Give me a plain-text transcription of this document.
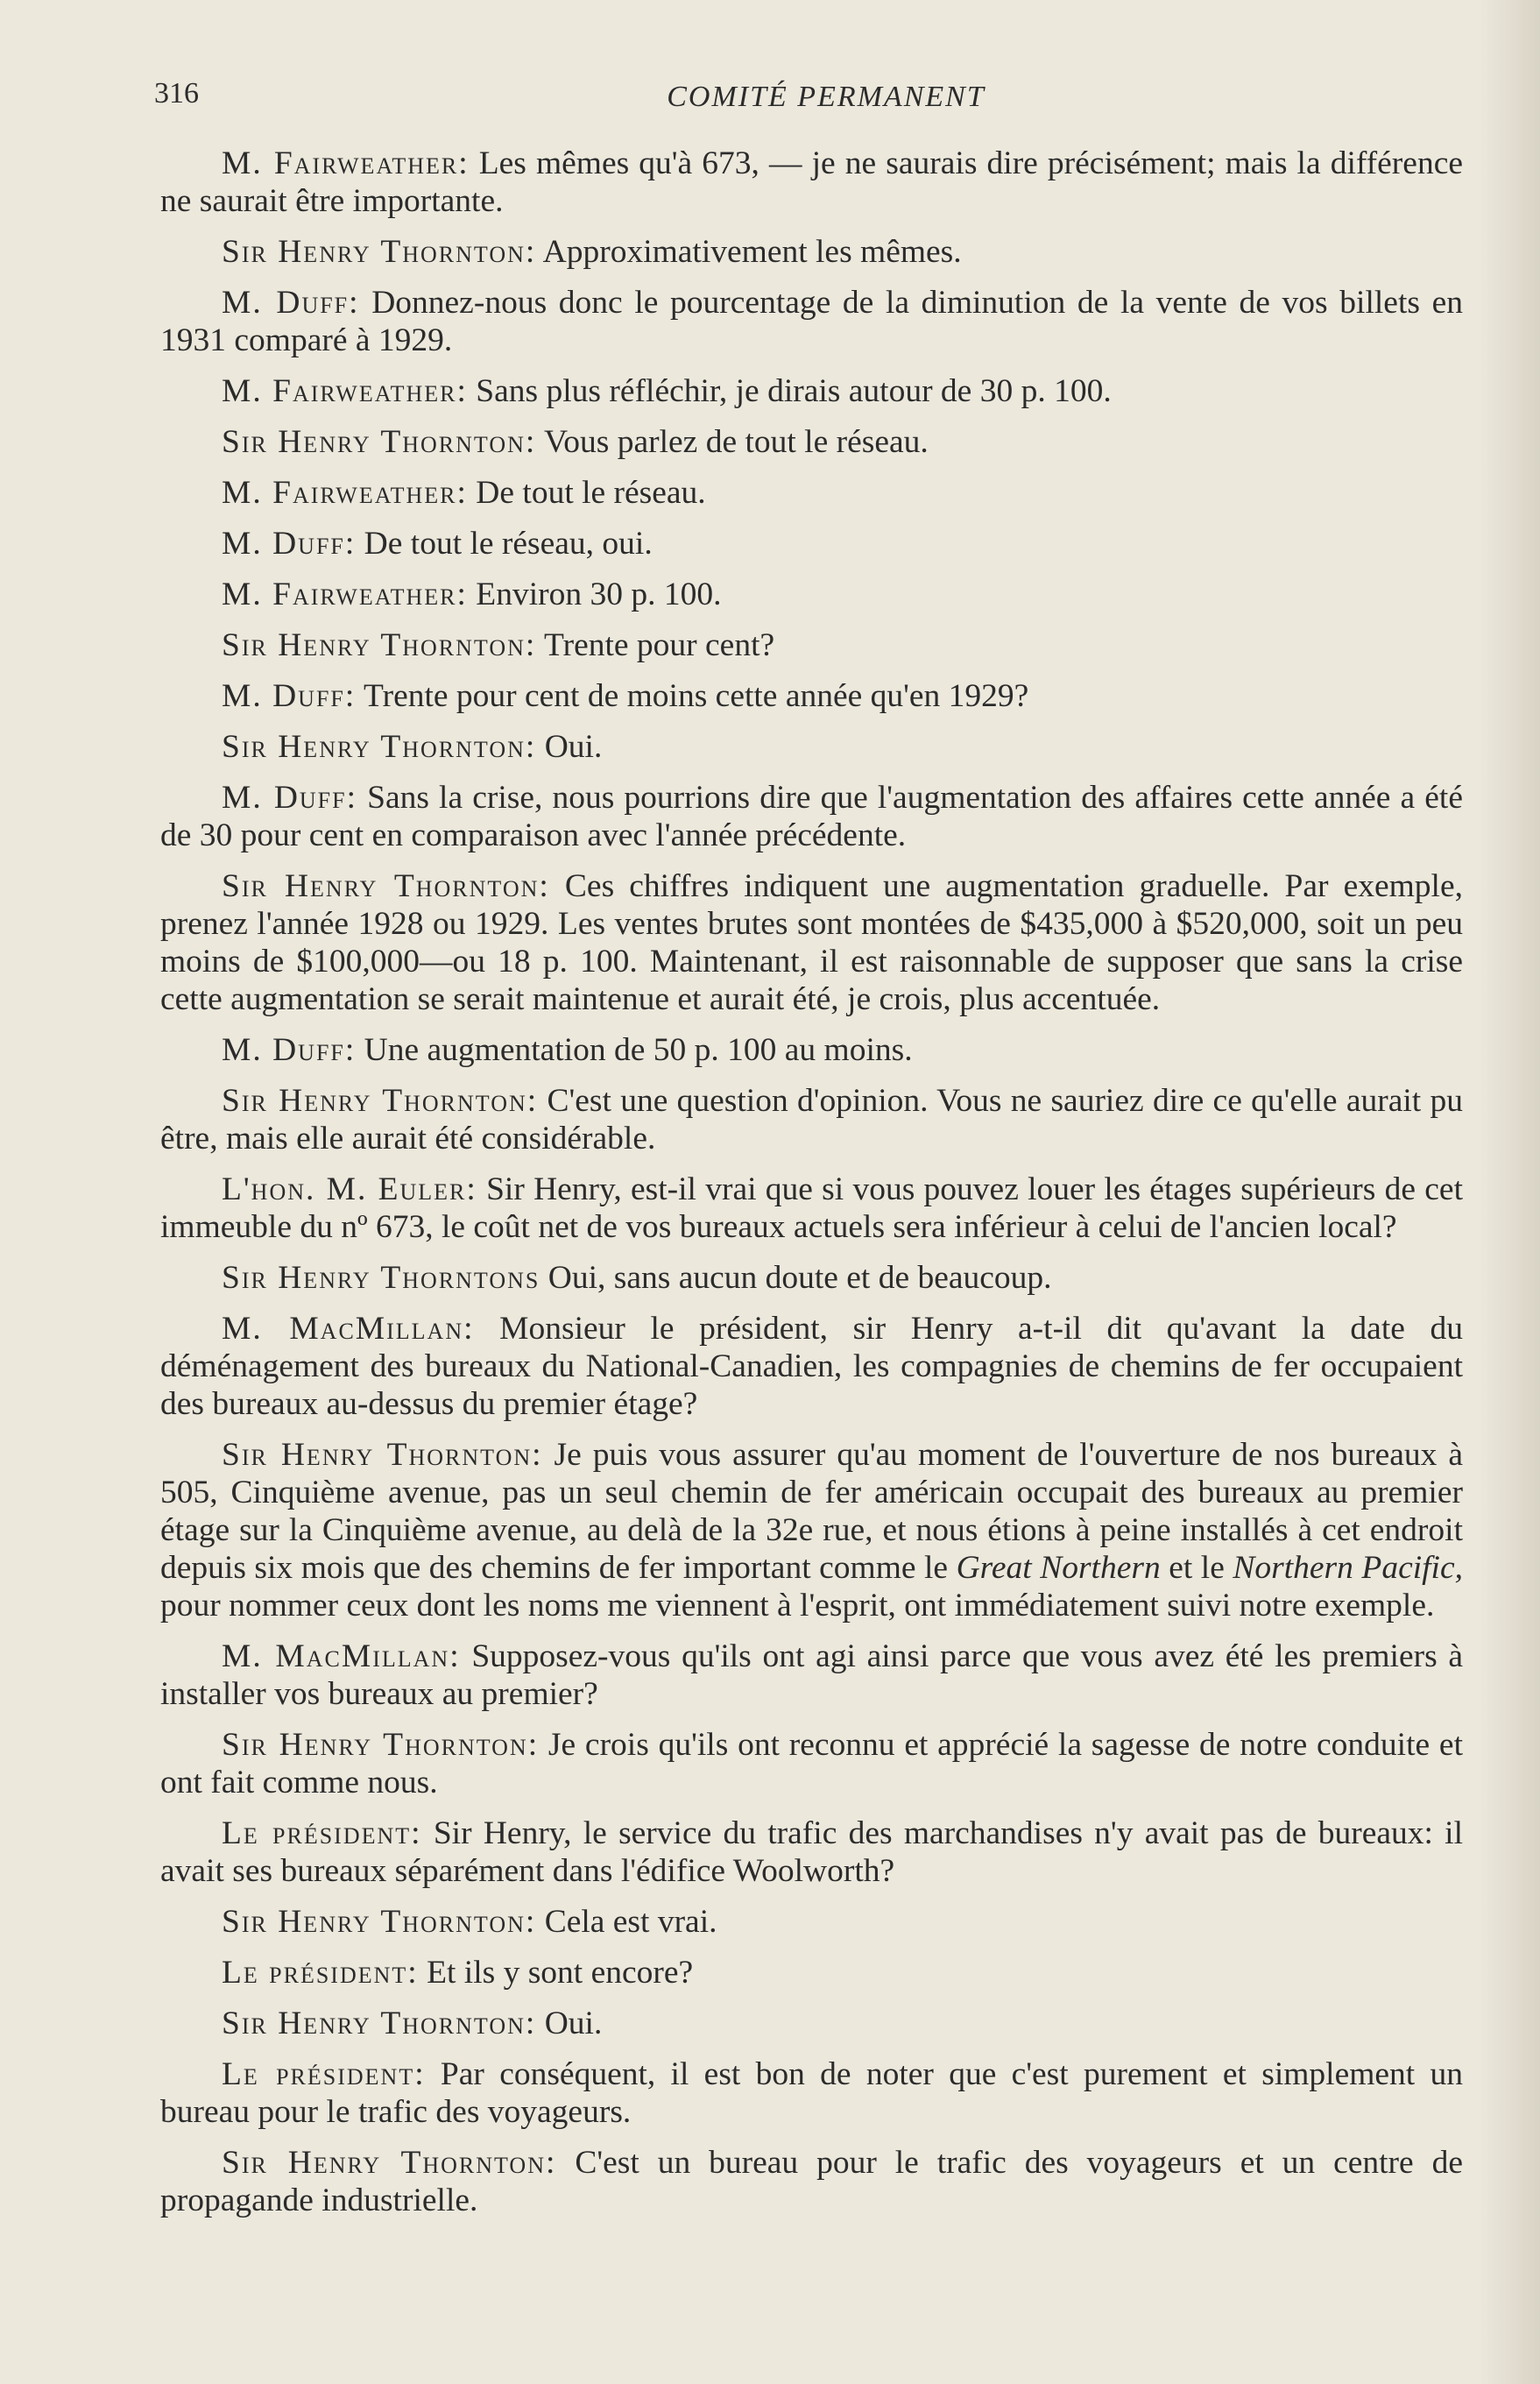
316	COMITÉ PERMANENT

M. Fairweather: Les mêmes qu'à 673, — je ne saurais dire précisément; mais la différence ne saurait être importante.

Sir Henry Thornton: Approximativement les mêmes.

M. Duff: Donnez-nous donc le pourcentage de la diminution de la vente de vos billets en 1931 comparé à 1929.

M. Fairweather: Sans plus réfléchir, je dirais autour de 30 p. 100.

Sir Henry Thornton: Vous parlez de tout le réseau.

M. Fairweather: De tout le réseau.

M. Duff: De tout le réseau, oui.

M. Fairweather: Environ 30 p. 100.

Sir Henry Thornton: Trente pour cent?

M. Duff: Trente pour cent de moins cette année qu'en 1929?

Sir Henry Thornton: Oui.

M. Duff: Sans la crise, nous pourrions dire que l'augmentation des affaires cette année a été de 30 pour cent en comparaison avec l'année précédente.

Sir Henry Thornton: Ces chiffres indiquent une augmentation graduelle. Par exemple, prenez l'année 1928 ou 1929. Les ventes brutes sont montées de $435,000 à $520,000, soit un peu moins de $100,000—ou 18 p. 100. Maintenant, il est raisonnable de supposer que sans la crise cette augmentation se serait maintenue et aurait été, je crois, plus accentuée.

M. Duff: Une augmentation de 50 p. 100 au moins.

Sir Henry Thornton: C'est une question d'opinion. Vous ne sauriez dire ce qu'elle aurait pu être, mais elle aurait été considérable.

L'hon. M. Euler: Sir Henry, est-il vrai que si vous pouvez louer les étages supérieurs de cet immeuble du nº 673, le coût net de vos bureaux actuels sera inférieur à celui de l'ancien local?

Sir Henry Thorntons Oui, sans aucun doute et de beaucoup.

M. MacMillan: Monsieur le président, sir Henry a-t-il dit qu'avant la date du déménagement des bureaux du National-Canadien, les compagnies de chemins de fer occupaient des bureaux au-dessus du premier étage?

Sir Henry Thornton: Je puis vous assurer qu'au moment de l'ouverture de nos bureaux à 505, Cinquième avenue, pas un seul chemin de fer américain occupait des bureaux au premier étage sur la Cinquième avenue, au delà de la 32e rue, et nous étions à peine installés à cet endroit depuis six mois que des chemins de fer important comme le Great Northern et le Northern Pacific, pour nommer ceux dont les noms me viennent à l'esprit, ont immédiatement suivi notre exemple.

M. MacMillan: Supposez-vous qu'ils ont agi ainsi parce que vous avez été les premiers à installer vos bureaux au premier?

Sir Henry Thornton: Je crois qu'ils ont reconnu et apprécié la sagesse de notre conduite et ont fait comme nous.

Le président: Sir Henry, le service du trafic des marchandises n'y avait pas de bureaux: il avait ses bureaux séparément dans l'édifice Woolworth?

Sir Henry Thornton: Cela est vrai.

Le président: Et ils y sont encore?

Sir Henry Thornton: Oui.

Le président: Par conséquent, il est bon de noter que c'est purement et simplement un bureau pour le trafic des voyageurs.

Sir Henry Thornton: C'est un bureau pour le trafic des voyageurs et un centre de propagande industrielle.
